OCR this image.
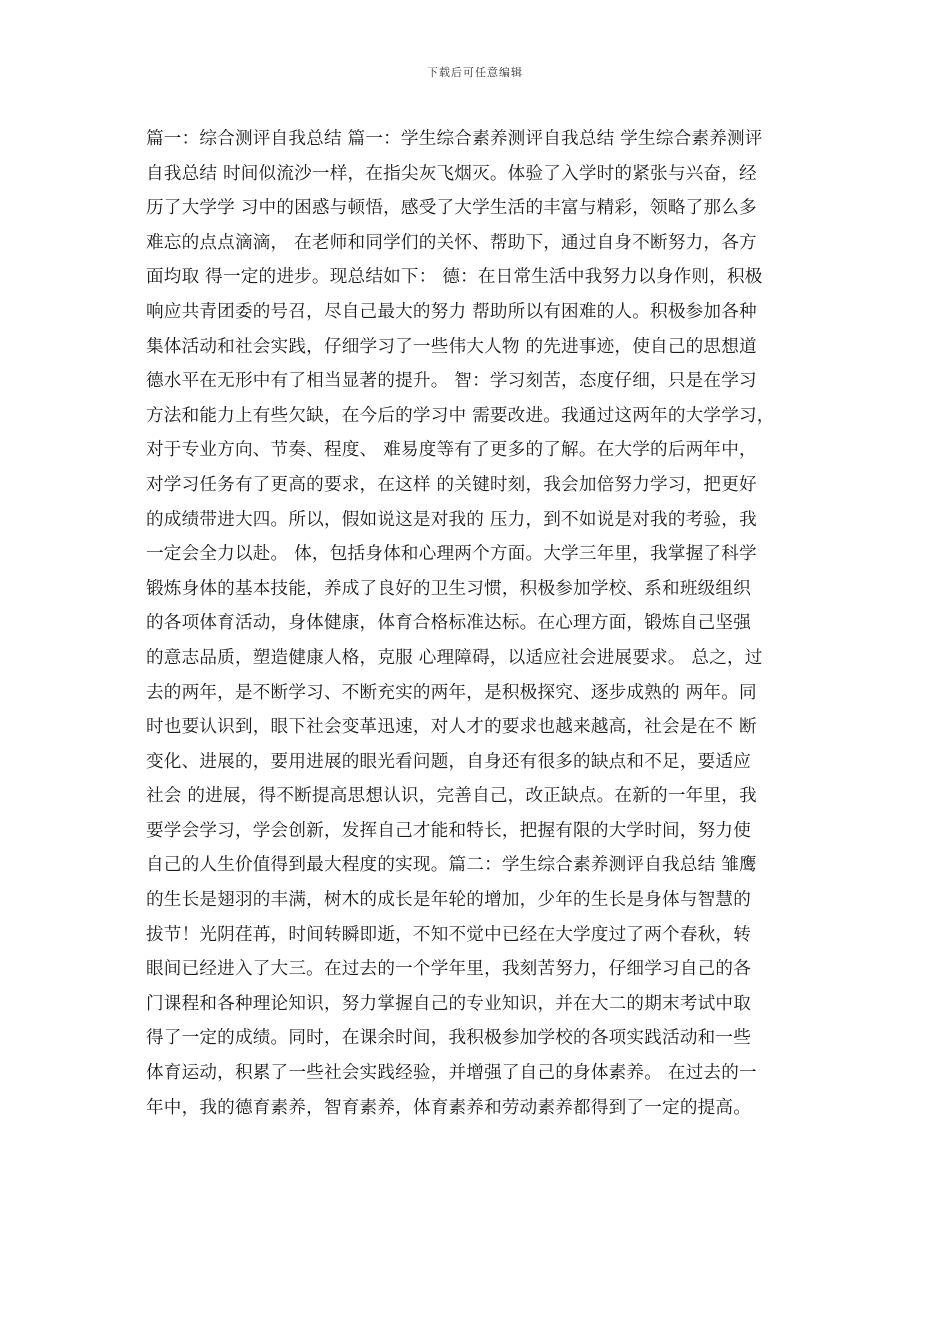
下载后可任意编辑
篇一：综合测评自我总结 篇一：学生综合素养测评自我总结 学生综合素养测评
自我总结 时间似流沙一样，在指尖灰飞烟灭。体验了入学时的紧张与兴奋，经
历了大学学 习中的困惑与顿悟，感受了大学生活的丰富与精彩，领略了那么多
难忘的点点滴滴， 在老师和同学们的关怀、帮助下，通过自身不断努力，各方
面均取 得一定的进步。现总结如下： 德：在日常生活中我努力以身作则，积极
响应共青团委的号召，尽自己最大的努力 帮助所以有困难的人。积极参加各种
集体活动和社会实践，仔细学习了一些伟大人物 的先进事迹，使自己的思想道
德水平在无形中有了相当显著的提升。 智：学习刻苦，态度仔细，只是在学习
方法和能力上有些欠缺，在今后的学习中 需要改进。我通过这两年的大学学习，
对于专业方向、节奏、程度、 难易度等有了更多的了解。在大学的后两年中，
对学习任务有了更高的要求，在这样 的关键时刻，我会加倍努力学习，把更好
的成绩带进大四。所以，假如说这是对我的 压力，到不如说是对我的考验，我
一定会全力以赴。 体，包括身体和心理两个方面。大学三年里，我掌握了科学
锻炼身体的基本技能，养成了良好的卫生习惯，积极参加学校、系和班级组织
的各项体育活动，身体健康，体育合格标准达标。在心理方面，锻炼自己坚强
的意志品质，塑造健康人格，克服 心理障碍，以适应社会进展要求。 总之，过
去的两年，是不断学习、不断充实的两年，是积极探究、逐步成熟的 两年。同
时也要认识到，眼下社会变革迅速，对人才的要求也越来越高，社会是在不 断
变化、进展的，要用进展的眼光看问题，自身还有很多的缺点和不足，要适应
社会 的进展，得不断提高思想认识，完善自己，改正缺点。在新的一年里，我
要学会学习，学会创新，发挥自己才能和特长，把握有限的大学时间，努力使
自己的人生价值得到最大程度的实现。篇二：学生综合素养测评自我总结 雏鹰
的生长是翅羽的丰满，树木的成长是年轮的增加，少年的生长是身体与智慧的
拔节！光阴荏苒，时间转瞬即逝，不知不觉中已经在大学度过了两个春秋，转
眼间已经进入了大三。在过去的一个学年里，我刻苦努力，仔细学习自己的各
门课程和各种理论知识，努力掌握自己的专业知识，并在大二的期末考试中取
得了一定的成绩。同时，在课余时间，我积极参加学校的各项实践活动和一些
体育运动，积累了一些社会实践经验，并增强了自己的身体素养。 在过去的一
年中，我的德育素养，智育素养，体育素养和劳动素养都得到了一定的提高。
